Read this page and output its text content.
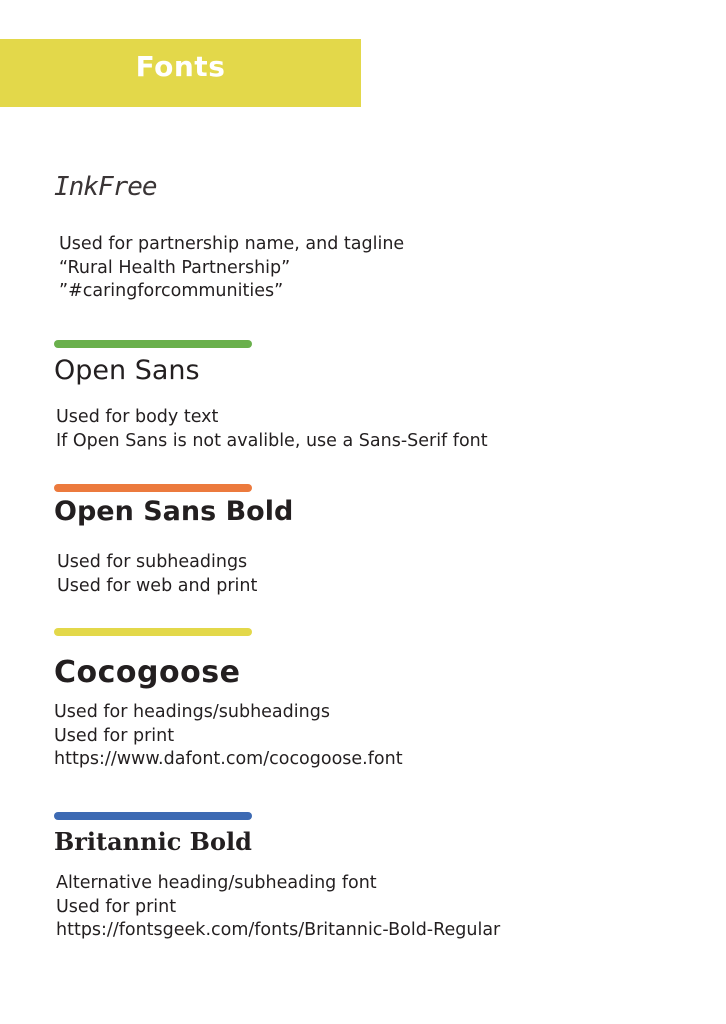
Fonts
InkFree
Used for partnership name, and tagline
“Rural Health Partnership”
”#caringforcommunities”
Open Sans
Used for body text
If Open Sans is not avalible, use a Sans-Serif font
Open Sans Bold
Used for subheadings
Used for web and print
Cocogoose
Used for headings/subheadings
Used for print
https://www.dafont.com/cocogoose.font
Britannic Bold
Alternative heading/subheading font
Used for print
https://fontsgeek.com/fonts/Britannic-Bold-Regular
